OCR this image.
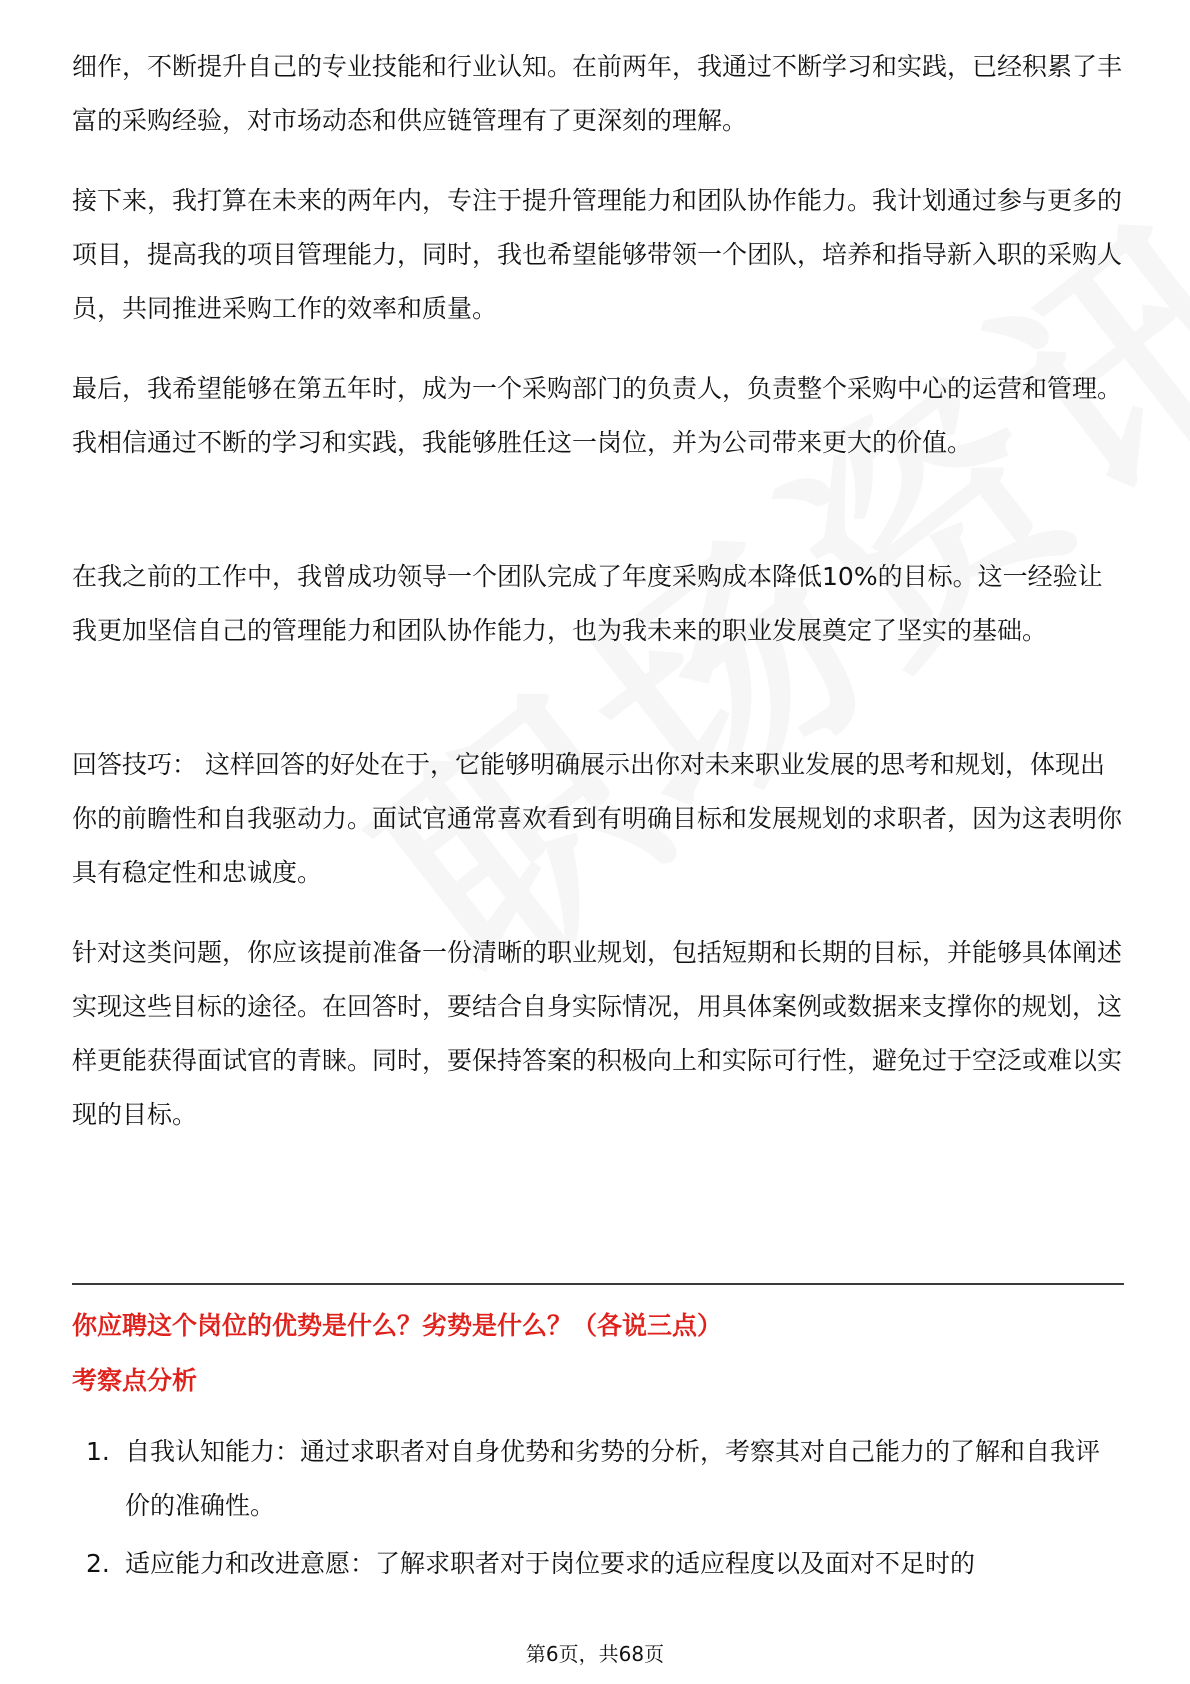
细作，不断提升自己的专业技能和行业认知。在前两年，我通过不断学习和实践，已经积累了丰富的采购经验，对市场动态和供应链管理有了更深刻的理解。

接下来，我打算在未来的两年内，专注于提升管理能力和团队协作能力。我计划通过参与更多的项目，提高我的项目管理能力，同时，我也希望能够带领一个团队，培养和指导新入职的采购人员，共同推进采购工作的效率和质量。

最后，我希望能够在第五年时，成为一个采购部门的负责人，负责整个采购中心的运营和管理。我相信通过不断的学习和实践，我能够胜任这一岗位，并为公司带来更大的价值。

在我之前的工作中，我曾成功领导一个团队完成了年度采购成本降低10%的目标。这一经验让我更加坚信自己的管理能力和团队协作能力，也为我未来的职业发展奠定了坚实的基础。

回答技巧： 这样回答的好处在于，它能够明确展示出你对未来职业发展的思考和规划，体现出你的前瞻性和自我驱动力。面试官通常喜欢看到有明确目标和发展规划的求职者，因为这表明你具有稳定性和忠诚度。

针对这类问题，你应该提前准备一份清晰的职业规划，包括短期和长期的目标，并能够具体阐述实现这些目标的途径。在回答时，要结合自身实际情况，用具体案例或数据来支撑你的规划，这样更能获得面试官的青睐。同时，要保持答案的积极向上和实际可行性，避免过于空泛或难以实现的目标。

你应聘这个岗位的优势是什么？劣势是什么？（各说三点）
考察点分析
1. 自我认知能力：通过求职者对自身优势和劣势的分析，考察其对自己能力的了解和自我评价的准确性。
2. 适应能力和改进意愿：了解求职者对于岗位要求的适应程度以及面对不足时的
第6页，共68页
